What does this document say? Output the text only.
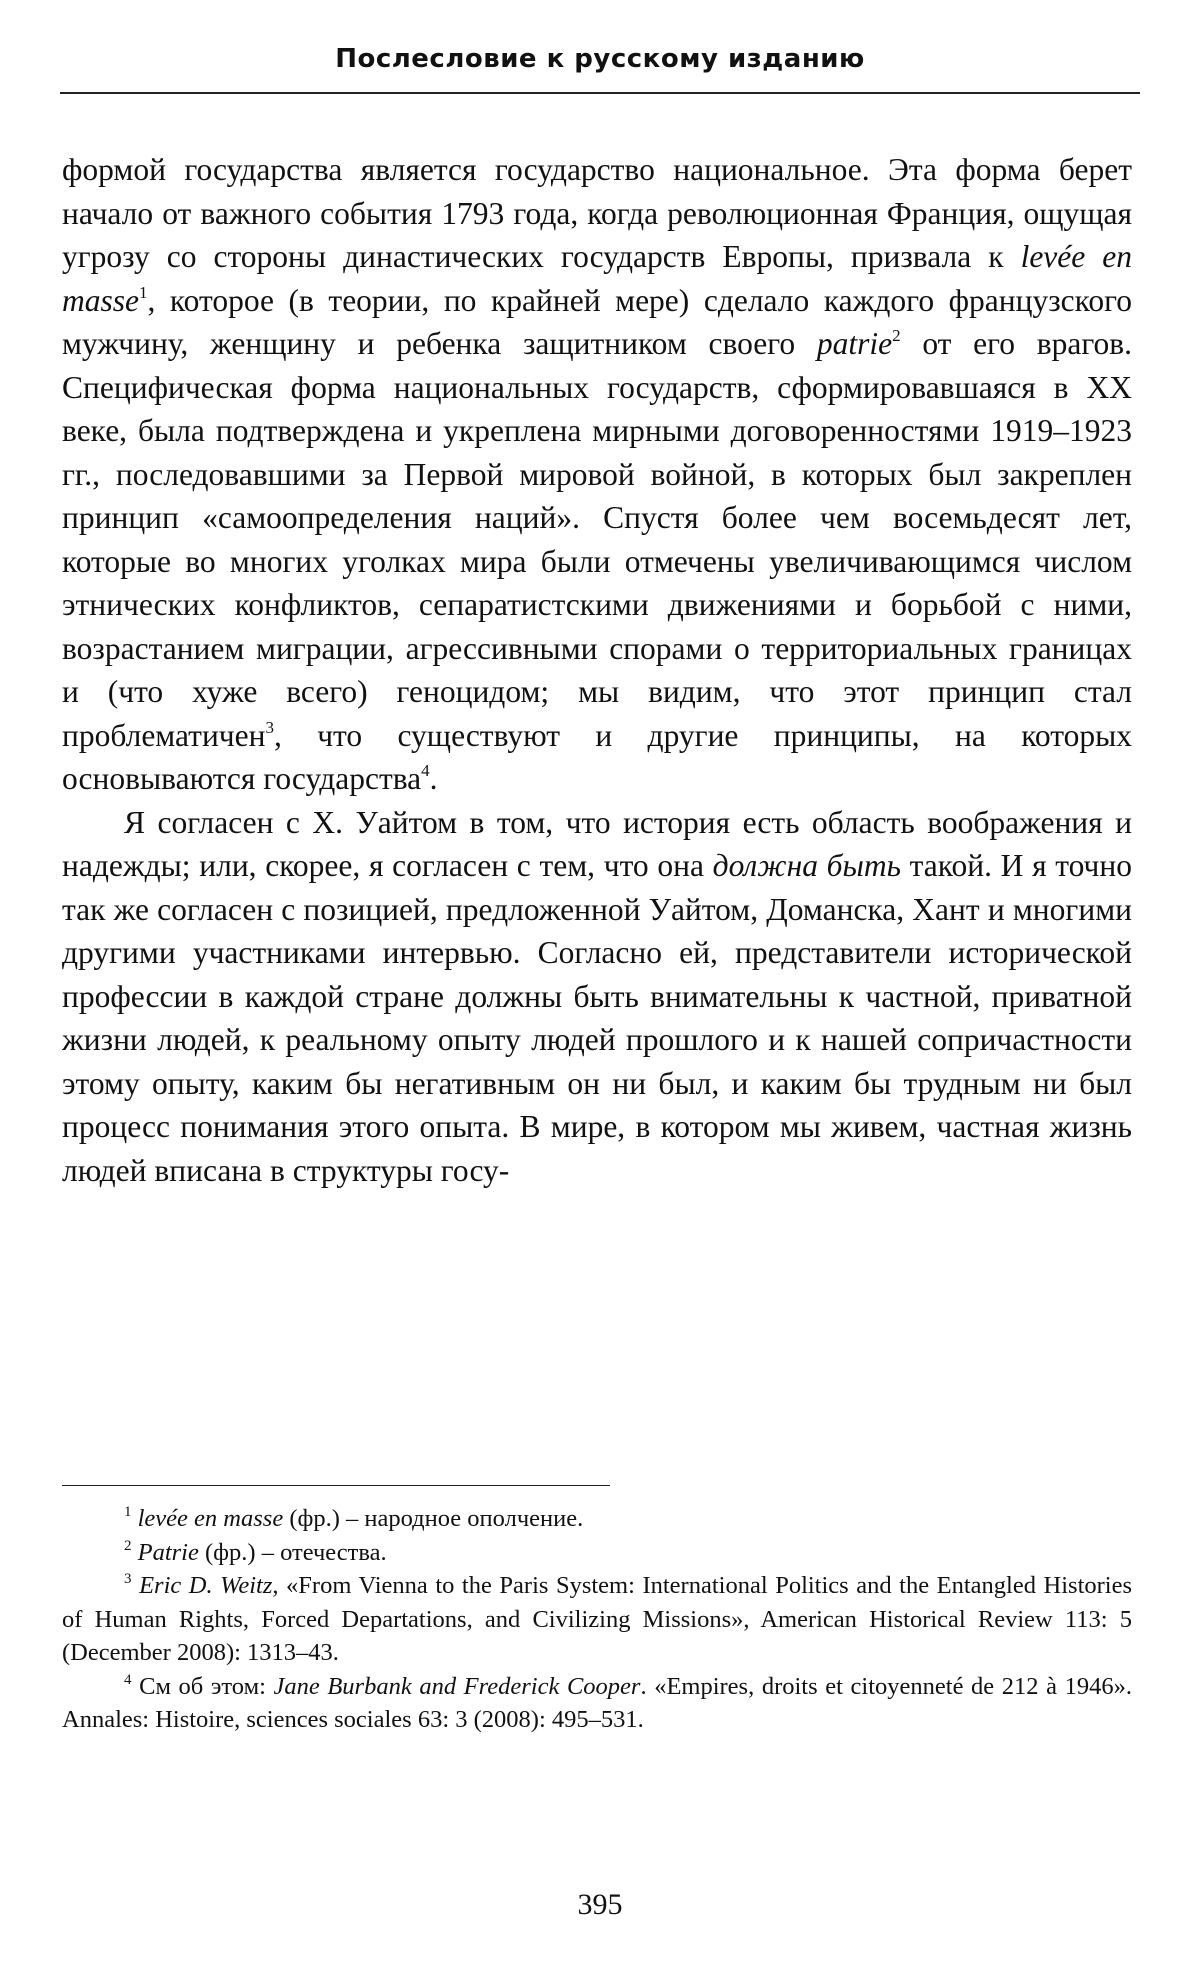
Послесловие к русскому изданию

формой государства является государство национальное. Эта форма берет начало от важного события 1793 года, когда революционная Франция, ощущая угрозу со стороны династических государств Европы, призвала к levée en masse$^1$, которое (в теории, по крайней мере) сделало каждого французского мужчину, женщину и ребенка защитником своего patrie$^2$ от его врагов. Специфическая форма национальных государств, сформировавшаяся в XX веке, была подтверждена и укреплена мирными договоренностями 1919–1923 гг., последовавшими за Первой мировой войной, в которых был закреплен принцип «самоопределения наций». Спустя более чем восемьдесят лет, которые во многих уголках мира были отмечены увеличивающимся числом этнических конфликтов, сепаратистскими движениями и борьбой с ними, возрастанием миграции, агрессивными спорами о территориальных границах и (что хуже всего) геноцидом; мы видим, что этот принцип стал проблематичен$^3$, что существуют и другие принципы, на которых основываются государства$^4$.

Я согласен с Х. Уайтом в том, что история есть область воображения и надежды; или, скорее, я согласен с тем, что она должна быть такой. И я точно так же согласен с позицией, предложенной Уайтом, Доманска, Хант и многими другими участниками интервью. Согласно ей, представители исторической профессии в каждой стране должны быть внимательны к частной, приватной жизни людей, к реальному опыту людей прошлого и к нашей сопричастности этому опыту, каким бы негативным он ни был, и каким бы трудным ни был процесс понимания этого опыта. В мире, в котором мы живем, частная жизнь людей вписана в структуры госу-

$^1$ levée en masse (фр.) – народное ополчение.

$^2$ Patrie (фр.) – отечества.

$^3$ Eric D. Weitz, «From Vienna to the Paris System: International Politics and the Entangled Histories of Human Rights, Forced Departations, and Civilizing Missions», American Historical Review 113: 5 (December 2008): 1313–43.

$^4$ См об этом: Jane Burbank and Frederick Cooper. «Empires, droits et citoyenneté de 212 à 1946». Annales: Histoire, sciences sociales 63: 3 (2008): 495–531.

395
